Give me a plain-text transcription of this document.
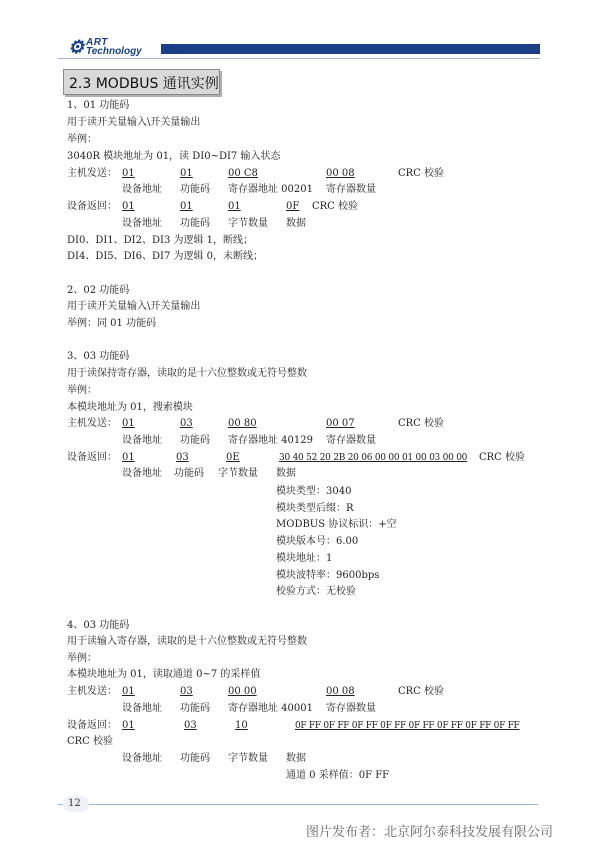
⚙ ART
Technology
2.3 MODBUS 通讯实例
1、01 功能码
用于读开关量输入\开关量输出
举例：
3040R 模块地址为 01，读 DI0~DI7 输入状态
主机发送： 01	01	00 C8	00 08	CRC 校验
设备地址 功能码 寄存器地址 00201 寄存器数量
设备返回： 01	01	01	0F CRC 校验
设备地址 功能码 字节数量 数据
DI0、DI1、DI2、DI3 为逻辑 1，断线；
DI4、DI5、DI6、DI7 为逻辑 0，未断线；
2、02 功能码
用于读开关量输入\开关量输出
举例：同 01 功能码
3、03 功能码
用于读保持寄存器，读取的是十六位整数或无符号整数
举例：
本模块地址为 01，搜索模块
主机发送： 01	03	00 80	00 07	CRC 校验
设备地址 功能码 寄存器地址 40129 寄存器数量
设备返回： 01	03	0E	30 40 52 20 2B 20 06 00 00 01 00 03 00 00 CRC 校验
设备地址 功能码 字节数量 数据
模块类型：3040
模块类型后缀：R
MODBUS 协议标识：+空
模块版本号：6.00
模块地址：1
模块波特率：9600bps
校验方式：无校验
4、03 功能码
用于读输入寄存器，读取的是十六位整数或无符号整数
举例：
本模块地址为 01，读取通道 0~7 的采样值
主机发送： 01	03	00 00	00 08	CRC 校验
设备地址 功能码 寄存器地址 40001 寄存器数量
设备返回： 01	03	10	0F FF 0F FF 0F FF 0F FF 0F FF 0F FF 0F FF 0F FF
CRC 校验
设备地址 功能码 字节数量 数据
通道 0 采样值：0F FF
12
图片发布者：北京阿尔泰科技发展有限公司
